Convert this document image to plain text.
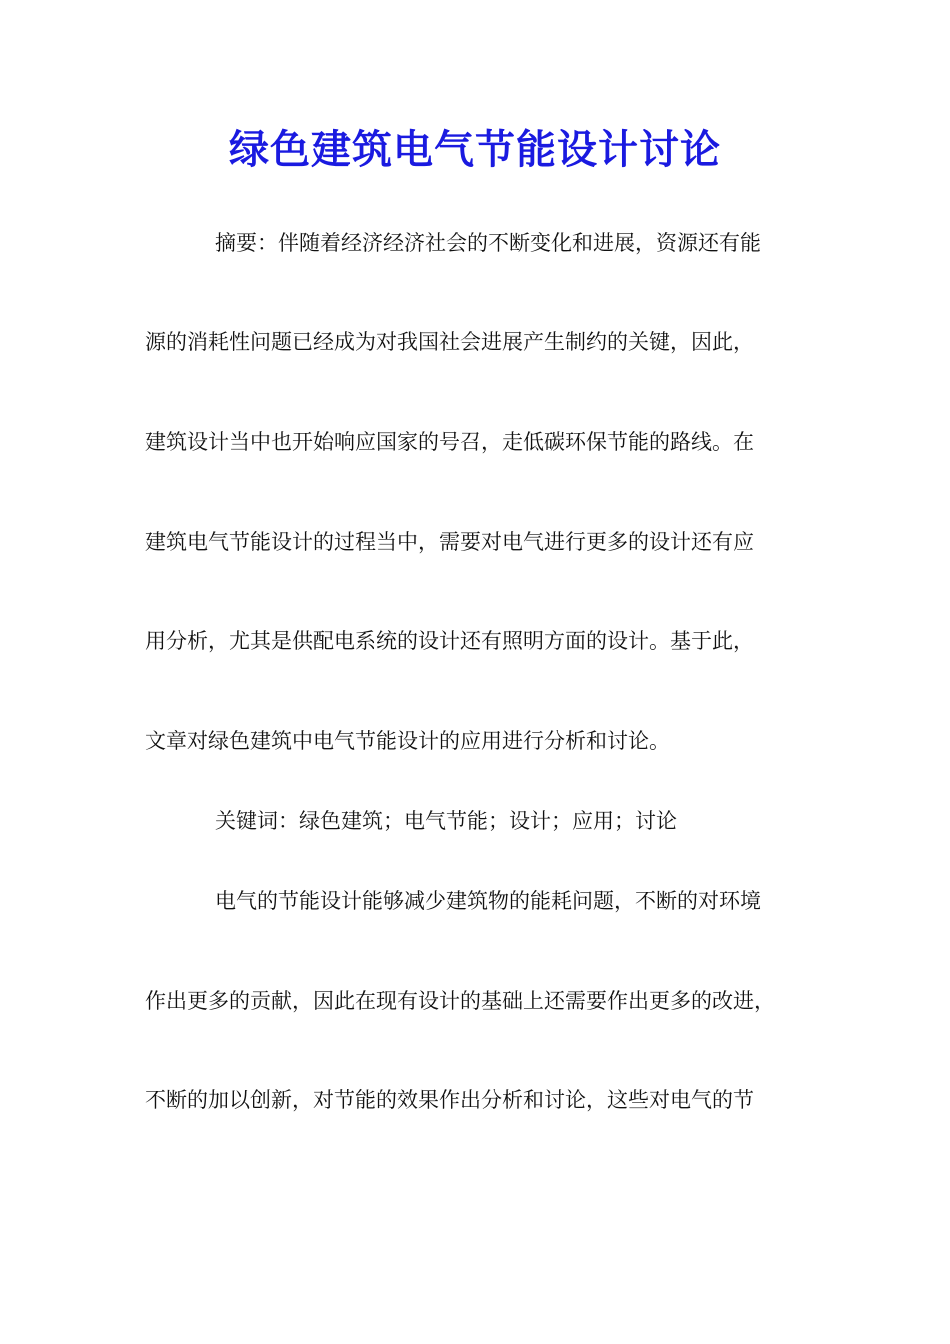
绿色建筑电气节能设计讨论

摘要：伴随着经济经济社会的不断变化和进展，资源还有能

源的消耗性问题已经成为对我国社会进展产生制约的关键，因此，

建筑设计当中也开始响应国家的号召，走低碳环保节能的路线。在

建筑电气节能设计的过程当中，需要对电气进行更多的设计还有应

用分析，尤其是供配电系统的设计还有照明方面的设计。基于此，

文章对绿色建筑中电气节能设计的应用进行分析和讨论。

关键词：绿色建筑；电气节能；设计；应用；讨论

电气的节能设计能够减少建筑物的能耗问题，不断的对环境

作出更多的贡献，因此在现有设计的基础上还需要作出更多的改进，

不断的加以创新，对节能的效果作出分析和讨论，这些对电气的节
